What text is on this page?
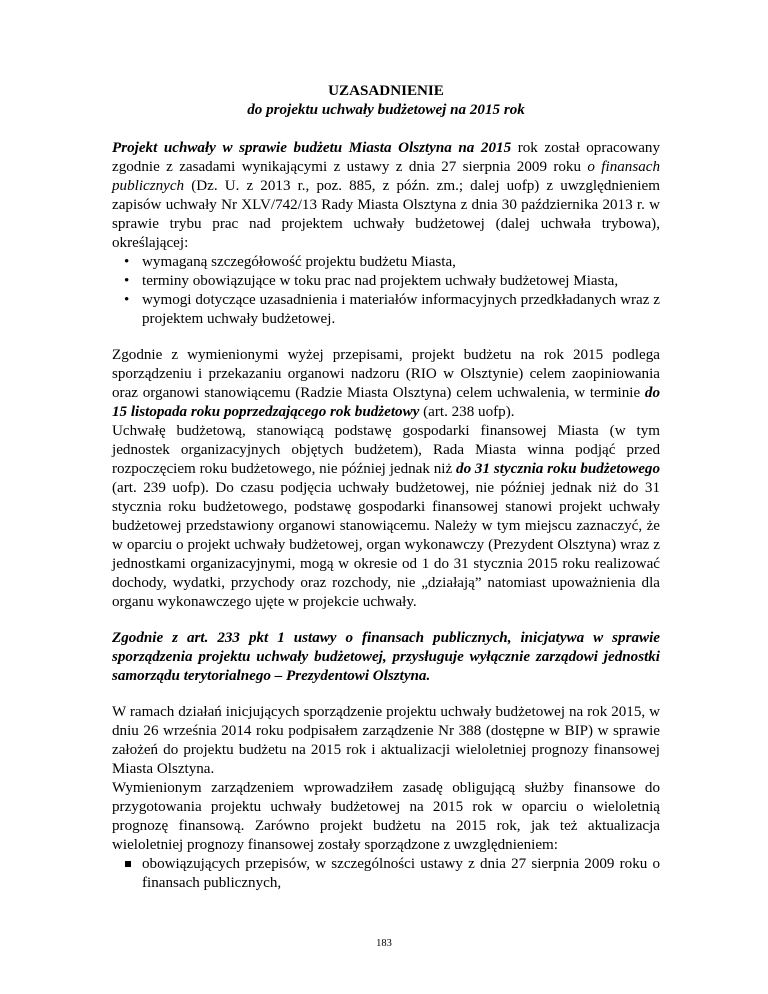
UZASADNIENIE

do projektu uchwały budżetowej na 2015 rok

Projekt uchwały w sprawie budżetu Miasta Olsztyna na 2015 rok został opracowany zgodnie z zasadami wynikającymi z ustawy z dnia 27 sierpnia 2009 roku o finansach publicznych (Dz. U. z 2013 r., poz. 885, z późn. zm.; dalej uofp) z uwzględnieniem zapisów uchwały Nr XLV/742/13 Rady Miasta Olsztyna z dnia 30 października 2013 r. w sprawie trybu prac nad projektem uchwały budżetowej (dalej uchwała trybowa), określającej:

• wymaganą szczegółowość projektu budżetu Miasta,
• terminy obowiązujące w toku prac nad projektem uchwały budżetowej Miasta,
• wymogi dotyczące uzasadnienia i materiałów informacyjnych przedkładanych wraz z projektem uchwały budżetowej.

Zgodnie z wymienionymi wyżej przepisami, projekt budżetu na rok 2015 podlega sporządzeniu i przekazaniu organowi nadzoru (RIO w Olsztynie) celem zaopiniowania oraz organowi stanowiącemu (Radzie Miasta Olsztyna) celem uchwalenia, w terminie do 15 listopada roku poprzedzającego rok budżetowy (art. 238 uofp).

Uchwałę budżetową, stanowiącą podstawę gospodarki finansowej Miasta (w tym jednostek organizacyjnych objętych budżetem), Rada Miasta winna podjąć przed rozpoczęciem roku budżetowego, nie później jednak niż do 31 stycznia roku budżetowego (art. 239 uofp). Do czasu podjęcia uchwały budżetowej, nie później jednak niż do 31 stycznia roku budżetowego, podstawę gospodarki finansowej stanowi projekt uchwały budżetowej przedstawiony organowi stanowiącemu. Należy w tym miejscu zaznaczyć, że w oparciu o projekt uchwały budżetowej, organ wykonawczy (Prezydent Olsztyna) wraz z jednostkami organizacyjnymi, mogą w okresie od 1 do 31 stycznia 2015 roku realizować dochody, wydatki, przychody oraz rozchody, nie „działają” natomiast upoważnienia dla organu wykonawczego ujęte w projekcie uchwały.

Zgodnie z art. 233 pkt 1 ustawy o finansach publicznych, inicjatywa w sprawie sporządzenia projektu uchwały budżetowej, przysługuje wyłącznie zarządowi jednostki samorządu terytorialnego – Prezydentowi Olsztyna.

W ramach działań inicjujących sporządzenie projektu uchwały budżetowej na rok 2015, w dniu 26 września 2014 roku podpisałem zarządzenie Nr 388 (dostępne w BIP) w sprawie założeń do projektu budżetu na 2015 rok i aktualizacji wieloletniej prognozy finansowej Miasta Olsztyna.

Wymienionym zarządzeniem wprowadziłem zasadę obligującą służby finansowe do przygotowania projektu uchwały budżetowej na 2015 rok w oparciu o wieloletnią prognozę finansową. Zarówno projekt budżetu na 2015 rok, jak też aktualizacja wieloletniej prognozy finansowej zostały sporządzone z uwzględnieniem:

obowiązujących przepisów, w szczególności ustawy z dnia 27 sierpnia 2009 roku o finansach publicznych,
183
